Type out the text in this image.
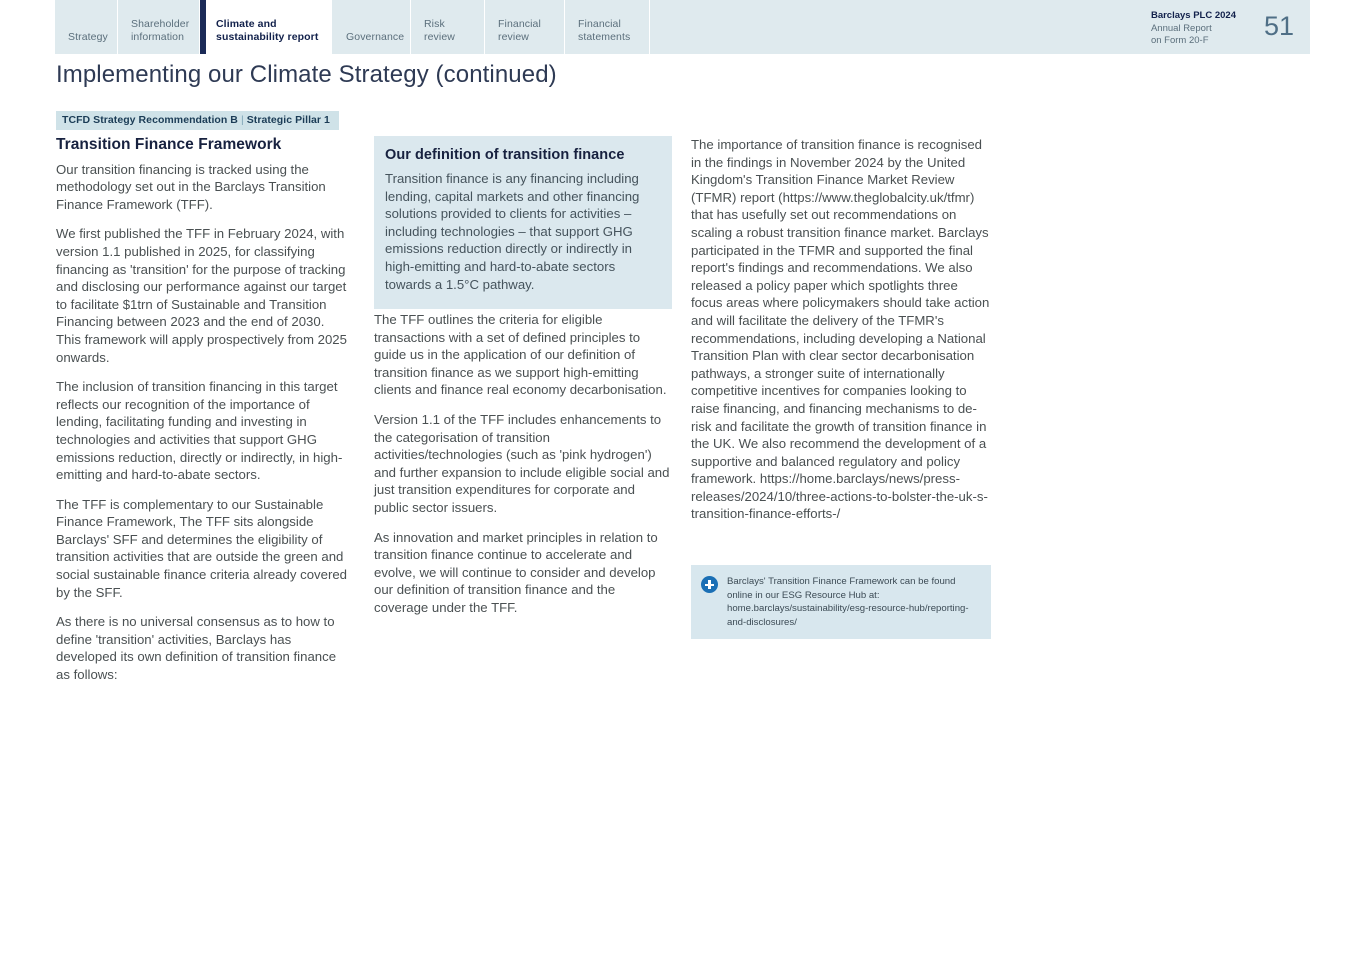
Strategy
Shareholder
information
Climate and
sustainability report	Governance
Risk
review
Financial
review
Financial
statements
Barclays PLC 2024
Annual Report
on Form 20-F	51
Implementing our Climate Strategy (continued)
TCFD Strategy Recommendation B | Strategic Pillar 1
Transition Finance Framework

Our transition financing is tracked using the methodology set out in the Barclays Transition Finance Framework (TFF).

We first published the TFF in February 2024, with version 1.1 published in 2025, for classifying financing as 'transition' for the purpose of tracking and disclosing our performance against our target to facilitate $1trn of Sustainable and Transition Financing between 2023 and the end of 2030. This framework will apply prospectively from 2025 onwards.

The inclusion of transition financing in this target reflects our recognition of the importance of lending, facilitating funding and investing in technologies and activities that support GHG emissions reduction, directly or indirectly, in high-emitting and hard-to-abate sectors.

The TFF is complementary to our Sustainable Finance Framework, The TFF sits alongside Barclays' SFF and determines the eligibility of transition activities that are outside the green and social sustainable finance criteria already covered by the SFF.

As there is no universal consensus as to how to define 'transition' activities, Barclays has developed its own definition of transition finance as follows:

Our definition of transition finance

Transition finance is any financing including lending, capital markets and other financing solutions provided to clients for activities – including technologies – that support GHG emissions reduction directly or indirectly in high-emitting and hard-to-abate sectors towards a 1.5°C pathway.

The TFF outlines the criteria for eligible transactions with a set of defined principles to guide us in the application of our definition of transition finance as we support high-emitting clients and finance real economy decarbonisation.

Version 1.1 of the TFF includes enhancements to the categorisation of transition activities/technologies (such as 'pink hydrogen') and further expansion to include eligible social and just transition expenditures for corporate and public sector issuers.

As innovation and market principles in relation to transition finance continue to accelerate and evolve, we will continue to consider and develop our definition of transition finance and the coverage under the TFF.

The importance of transition finance is recognised in the findings in November 2024 by the United Kingdom's Transition Finance Market Review (TFMR) report (https://www.theglobalcity.uk/tfmr) that has usefully set out recommendations on scaling a robust transition finance market. Barclays participated in the TFMR and supported the final report's findings and recommendations. We also released a policy paper which spotlights three focus areas where policymakers should take action and will facilitate the delivery of the TFMR's recommendations, including developing a National Transition Plan with clear sector decarbonisation pathways, a stronger suite of internationally competitive incentives for companies looking to raise financing, and financing mechanisms to de-risk and facilitate the growth of transition finance in the UK. We also recommend the development of a supportive and balanced regulatory and policy framework. https://home.barclays/news/press-releases/2024/10/three-actions-to-bolster-the-uk-s-transition-finance-efforts-/

Barclays' Transition Finance Framework can be found online in our ESG Resource Hub at: home.barclays/sustainability/esg-resource-hub/reporting-and-disclosures/
